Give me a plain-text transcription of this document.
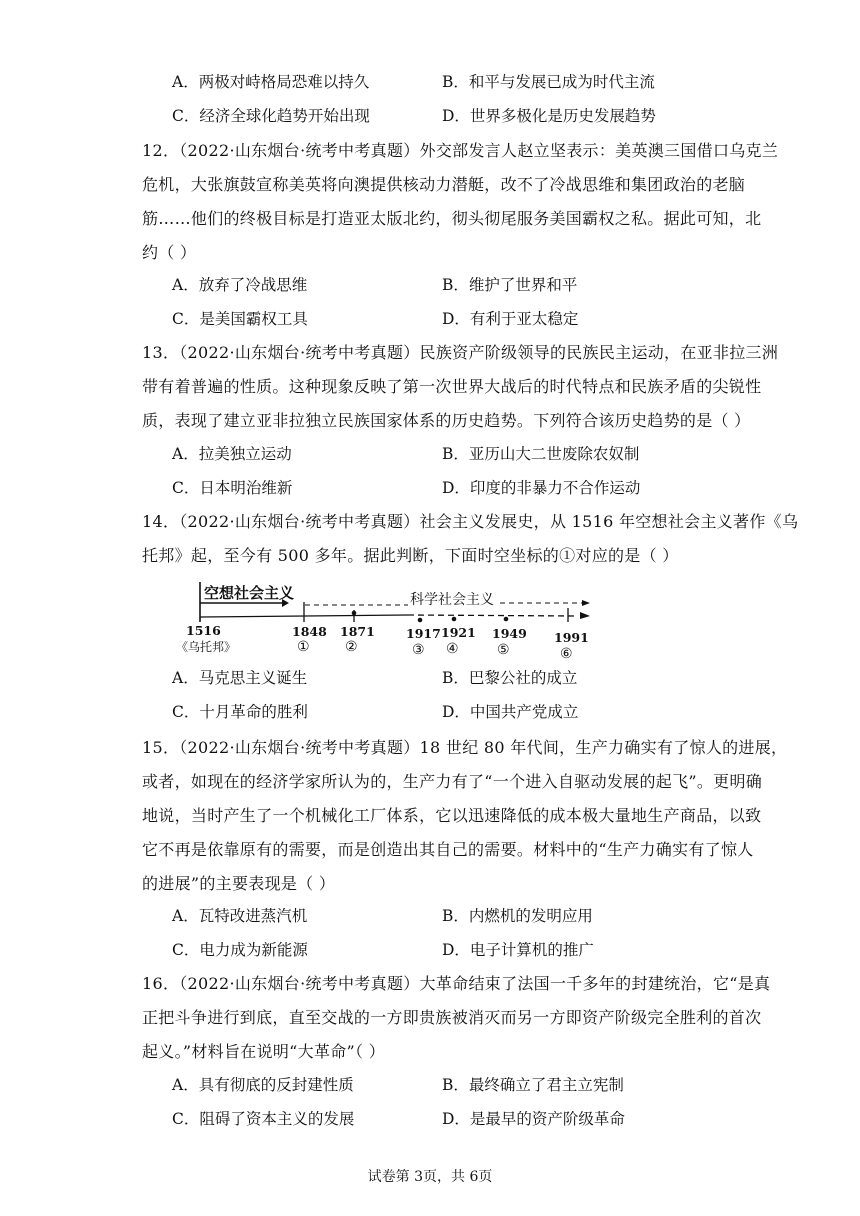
A．两极对峙格局恐难以持久	B．和平与发展已成为时代主流
C．经济全球化趋势开始出现	D．世界多极化是历史发展趋势
12．（2022·山东烟台·统考中考真题）外交部发言人赵立坚表示：美英澳三国借口乌克兰
危机，大张旗鼓宣称美英将向澳提供核动力潜艇，改不了冷战思维和集团政治的老脑
筋……他们的终极目标是打造亚太版北约，彻头彻尾服务美国霸权之私。据此可知，北
约（ ）
A．放弃了冷战思维	B．维护了世界和平
C．是美国霸权工具	D．有利于亚太稳定
13．（2022·山东烟台·统考中考真题）民族资产阶级领导的民族民主运动，在亚非拉三洲
带有着普遍的性质。这种现象反映了第一次世界大战后的时代特点和民族矛盾的尖锐性
质，表现了建立亚非拉独立民族国家体系的历史趋势。下列符合该历史趋势的是（ ）
A．拉美独立运动	B．亚历山大二世废除农奴制
C．日本明治维新	D．印度的非暴力不合作运动
14．（2022·山东烟台·统考中考真题）社会主义发展史，从 1516 年空想社会主义著作《乌
托邦》起，至今有 500 多年。据此判断，下面时空坐标的①对应的是（ ）
空想社会主义	科学社会主义
1516
《乌托邦》
1848 1871 1917 1921 1949 1991
①	②	③ ④	⑤	⑥
A．马克思主义诞生	B．巴黎公社的成立
C．十月革命的胜利	D．中国共产党成立
15．（2022·山东烟台·统考中考真题）18 世纪 80 年代间，生产力确实有了惊人的进展，
或者，如现在的经济学家所认为的，生产力有了“一个进入自驱动发展的起飞”。更明确
地说，当时产生了一个机械化工厂体系，它以迅速降低的成本极大量地生产商品，以致
它不再是依靠原有的需要，而是创造出其自己的需要。材料中的“生产力确实有了惊人
的进展”的主要表现是（ ）
A．瓦特改进蒸汽机	B．内燃机的发明应用
C．电力成为新能源	D．电子计算机的推广
16．（2022·山东烟台·统考中考真题）大革命结束了法国一千多年的封建统治，它“是真
正把斗争进行到底，直至交战的一方即贵族被消灭而另一方即资产阶级完全胜利的首次
起义。”材料旨在说明“大革命”（ ）
A．具有彻底的反封建性质	B．最终确立了君主立宪制
C．阻碍了资本主义的发展	D．是最早的资产阶级革命
试卷第 3页，共 6页
